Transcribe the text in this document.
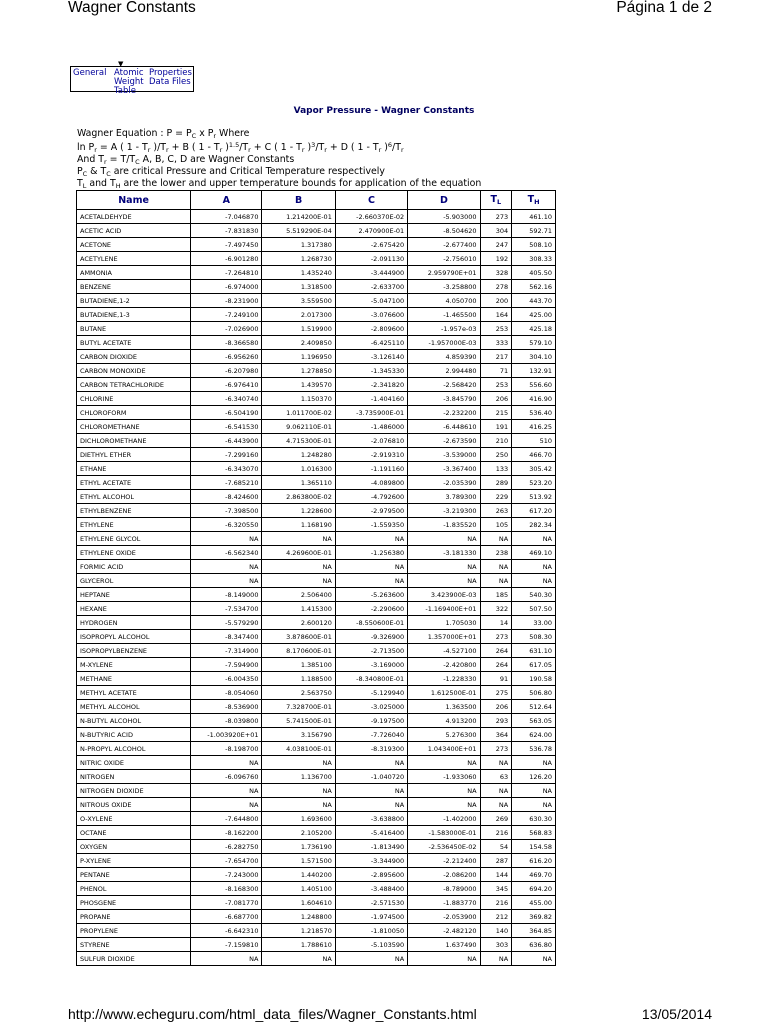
Wagner Constants	Página 1 de 2
▼
General Atomic Weight Table
Properties Data Files
Vapor Pressure - Wagner Constants
Wagner Equation : $P = P_C$ x $P_r$ Where
$\ln P_r = A$ ( $1 - T_r$ )$/T_r + B$ ( $1 - T_r$ )$^{1.5}/T_r + C$ ( $1 - T_r$ )$^3/T_r + D$ ( $1 - T_r$ )$^6/T_r$
And $T_r = T/T_C$ A, B, C, D are Wagner Constants
$P_C$ & $T_C$ are critical Pressure and Critical Temperature respectively
$T_L$ and $T_H$ are the lower and upper temperature bounds for application of the equation
Name	A	B	C	D	$T_L$	$T_H$
ACETALDEHYDE	-7.046870	1.214200E-01	-2.660370E-02	-5.903000	273	461.10
ACETIC ACID	-7.831830	5.519290E-04	2.470900E-01	-8.504620	304	592.71
ACETONE	-7.497450	1.317380	-2.675420	-2.677400	247	508.10
ACETYLENE	-6.901280	1.268730	-2.091130	-2.756010	192	308.33
AMMONIA	-7.264810	1.435240	-3.444900	2.959790E+01	328	405.50
BENZENE	-6.974000	1.318500	-2.633700	-3.258800	278	562.16
BUTADIENE,1-2	-8.231900	3.559500	-5.047100	4.050700	200	443.70
BUTADIENE,1-3	-7.249100	2.017300	-3.076600	-1.465500	164	425.00
BUTANE	-7.026900	1.519900	-2.809600	-1.957e-03	253	425.18
BUTYL ACETATE	-8.366580	2.409850	-6.425110	-1.957000E-03	333	579.10
CARBON DIOXIDE	-6.956260	1.196950	-3.126140	4.859390	217	304.10
CARBON MONOXIDE	-6.207980	1.278850	-1.345330	2.994480	71	132.91
CARBON TETRACHLORIDE	-6.976410	1.439570	-2.341820	-2.568420	253	556.60
CHLORINE	-6.340740	1.150370	-1.404160	-3.845790	206	416.90
CHLOROFORM	-6.504190	1.011700E-02	-3.735900E-01	-2.232200	215	536.40
CHLOROMETHANE	-6.541530	9.062110E-01	-1.486000	-6.448610	191	416.25
DICHLOROMETHANE	-6.443900	4.715300E-01	-2.076810	-2.673590	210	510
DIETHYL ETHER	-7.299160	1.248280	-2.919310	-3.539000	250	466.70
ETHANE	-6.343070	1.016300	-1.191160	-3.367400	133	305.42
ETHYL ACETATE	-7.685210	1.365110	-4.089800	-2.035390	289	523.20
ETHYL ALCOHOL	-8.424600	2.863800E-02	-4.792600	3.789300	229	513.92
ETHYLBENZENE	-7.398500	1.228600	-2.979500	-3.219300	263	617.20
ETHYLENE	-6.320550	1.168190	-1.559350	-1.835520	105	282.34
ETHYLENE GLYCOL	NA	NA	NA	NA	NA	NA
ETHYLENE OXIDE	-6.562340	4.269600E-01	-1.256380	-3.181330	238	469.10
FORMIC ACID	NA	NA	NA	NA	NA	NA
GLYCEROL	NA	NA	NA	NA	NA	NA
HEPTANE	-8.149000	2.506400	-5.263600	3.423900E-03	185	540.30
HEXANE	-7.534700	1.415300	-2.290600	-1.169400E+01	322	507.50
HYDROGEN	-5.579290	2.600120	-8.550600E-01	1.705030	14	33.00
ISOPROPYL ALCOHOL	-8.347400	3.878600E-01	-9.326900	1.357000E+01	273	508.30
ISOPROPYLBENZENE	-7.314900	8.170600E-01	-2.713500	-4.527100	264	631.10
M-XYLENE	-7.594900	1.385100	-3.169000	-2.420800	264	617.05
METHANE	-6.004350	1.188500	-8.340800E-01	-1.228330	91	190.58
METHYL ACETATE	-8.054060	2.563750	-5.129940	1.612500E-01	275	506.80
METHYL ALCOHOL	-8.536900	7.328700E-01	-3.025000	1.363500	206	512.64
N-BUTYL ALCOHOL	-8.039800	5.741500E-01	-9.197500	4.913200	293	563.05
N-BUTYRIC ACID	-1.003920E+01	3.156790	-7.726040	5.276300	364	624.00
N-PROPYL ALCOHOL	-8.198700	4.038100E-01	-8.319300	1.043400E+01	273	536.78
NITRIC OXIDE	NA	NA	NA	NA	NA	NA
NITROGEN	-6.096760	1.136700	-1.040720	-1.933060	63	126.20
NITROGEN DIOXIDE	NA	NA	NA	NA	NA	NA
NITROUS OXIDE	NA	NA	NA	NA	NA	NA
O-XYLENE	-7.644800	1.693600	-3.638800	-1.402000	269	630.30
OCTANE	-8.162200	2.105200	-5.416400	-1.583000E-01	216	568.83
OXYGEN	-6.282750	1.736190	-1.813490	-2.536450E-02	54	154.58
P-XYLENE	-7.654700	1.571500	-3.344900	-2.212400	287	616.20
PENTANE	-7.243000	1.440200	-2.895600	-2.086200	144	469.70
PHENOL	-8.168300	1.405100	-3.488400	-8.789000	345	694.20
PHOSGENE	-7.081770	1.604610	-2.571530	-1.883770	216	455.00
PROPANE	-6.687700	1.248800	-1.974500	-2.053900	212	369.82
PROPYLENE	-6.642310	1.218570	-1.810050	-2.482120	140	364.85
STYRENE	-7.159810	1.788610	-5.103590	1.637490	303	636.80
SULFUR DIOXIDE	NA	NA	NA	NA	NA	NA
http://www.echeguru.com/html_data_files/Wagner_Constants.html	13/05/2014
